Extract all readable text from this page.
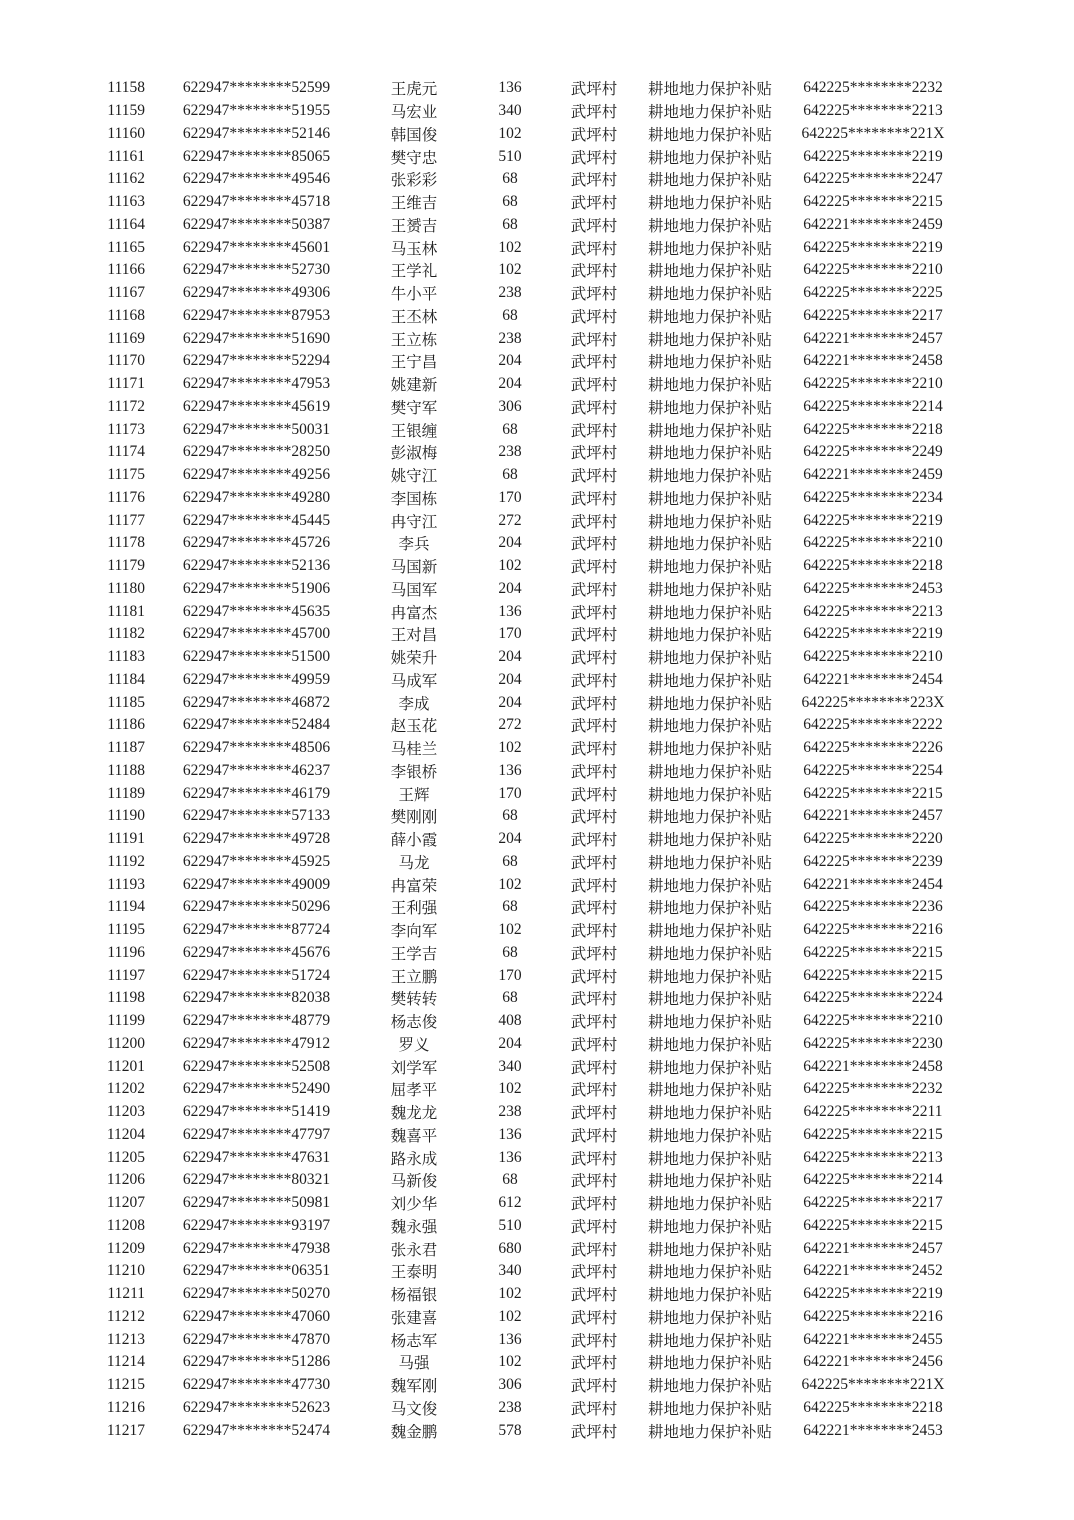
11158	622947********52599	王虎元	136	武坪村	耕地地力保护补贴	642225********2232
11159	622947********51955	马宏业	340	武坪村	耕地地力保护补贴	642225********2213
11160	622947********52146	韩国俊	102	武坪村	耕地地力保护补贴	642225********221X
11161	622947********85065	樊守忠	510	武坪村	耕地地力保护补贴	642225********2219
11162	622947********49546	张彩彩	68	武坪村	耕地地力保护补贴	642225********2247
11163	622947********45718	王维吉	68	武坪村	耕地地力保护补贴	642225********2215
11164	622947********50387	王赟吉	68	武坪村	耕地地力保护补贴	642221********2459
11165	622947********45601	马玉林	102	武坪村	耕地地力保护补贴	642225********2219
11166	622947********52730	王学礼	102	武坪村	耕地地力保护补贴	642225********2210
11167	622947********49306	牛小平	238	武坪村	耕地地力保护补贴	642225********2225
11168	622947********87953	王丕林	68	武坪村	耕地地力保护补贴	642225********2217
11169	622947********51690	王立栋	238	武坪村	耕地地力保护补贴	642221********2457
11170	622947********52294	王宁昌	204	武坪村	耕地地力保护补贴	642221********2458
11171	622947********47953	姚建新	204	武坪村	耕地地力保护补贴	642225********2210
11172	622947********45619	樊守军	306	武坪村	耕地地力保护补贴	642225********2214
11173	622947********50031	王银缠	68	武坪村	耕地地力保护补贴	642225********2218
11174	622947********28250	彭淑梅	238	武坪村	耕地地力保护补贴	642225********2249
11175	622947********49256	姚守江	68	武坪村	耕地地力保护补贴	642221********2459
11176	622947********49280	李国栋	170	武坪村	耕地地力保护补贴	642225********2234
11177	622947********45445	冉守江	272	武坪村	耕地地力保护补贴	642225********2219
11178	622947********45726	李兵	204	武坪村	耕地地力保护补贴	642225********2210
11179	622947********52136	马国新	102	武坪村	耕地地力保护补贴	642225********2218
11180	622947********51906	马国军	204	武坪村	耕地地力保护补贴	642225********2453
11181	622947********45635	冉富杰	136	武坪村	耕地地力保护补贴	642225********2213
11182	622947********45700	王对昌	170	武坪村	耕地地力保护补贴	642225********2219
11183	622947********51500	姚荣升	204	武坪村	耕地地力保护补贴	642225********2210
11184	622947********49959	马成军	204	武坪村	耕地地力保护补贴	642221********2454
11185	622947********46872	李成	204	武坪村	耕地地力保护补贴	642225********223X
11186	622947********52484	赵玉花	272	武坪村	耕地地力保护补贴	642225********2222
11187	622947********48506	马桂兰	102	武坪村	耕地地力保护补贴	642225********2226
11188	622947********46237	李银桥	136	武坪村	耕地地力保护补贴	642225********2254
11189	622947********46179	王辉	170	武坪村	耕地地力保护补贴	642225********2215
11190	622947********57133	樊刚刚	68	武坪村	耕地地力保护补贴	642221********2457
11191	622947********49728	薛小霞	204	武坪村	耕地地力保护补贴	642225********2220
11192	622947********45925	马龙	68	武坪村	耕地地力保护补贴	642225********2239
11193	622947********49009	冉富荣	102	武坪村	耕地地力保护补贴	642221********2454
11194	622947********50296	王利强	68	武坪村	耕地地力保护补贴	642225********2236
11195	622947********87724	李向军	102	武坪村	耕地地力保护补贴	642225********2216
11196	622947********45676	王学吉	68	武坪村	耕地地力保护补贴	642225********2215
11197	622947********51724	王立鹏	170	武坪村	耕地地力保护补贴	642225********2215
11198	622947********82038	樊转转	68	武坪村	耕地地力保护补贴	642225********2224
11199	622947********48779	杨志俊	408	武坪村	耕地地力保护补贴	642225********2210
11200	622947********47912	罗义	204	武坪村	耕地地力保护补贴	642225********2230
11201	622947********52508	刘学军	340	武坪村	耕地地力保护补贴	642221********2458
11202	622947********52490	屈孝平	102	武坪村	耕地地力保护补贴	642225********2232
11203	622947********51419	魏龙龙	238	武坪村	耕地地力保护补贴	642225********2211
11204	622947********47797	魏喜平	136	武坪村	耕地地力保护补贴	642225********2215
11205	622947********47631	路永成	136	武坪村	耕地地力保护补贴	642225********2213
11206	622947********80321	马新俊	68	武坪村	耕地地力保护补贴	642225********2214
11207	622947********50981	刘少华	612	武坪村	耕地地力保护补贴	642225********2217
11208	622947********93197	魏永强	510	武坪村	耕地地力保护补贴	642225********2215
11209	622947********47938	张永君	680	武坪村	耕地地力保护补贴	642221********2457
11210	622947********06351	王泰明	340	武坪村	耕地地力保护补贴	642221********2452
11211	622947********50270	杨福银	102	武坪村	耕地地力保护补贴	642225********2219
11212	622947********47060	张建喜	102	武坪村	耕地地力保护补贴	642225********2216
11213	622947********47870	杨志军	136	武坪村	耕地地力保护补贴	642221********2455
11214	622947********51286	马强	102	武坪村	耕地地力保护补贴	642221********2456
11215	622947********47730	魏军刚	306	武坪村	耕地地力保护补贴	642225********221X
11216	622947********52623	马文俊	238	武坪村	耕地地力保护补贴	642225********2218
11217	622947********52474	魏金鹏	578	武坪村	耕地地力保护补贴	642221********2453
